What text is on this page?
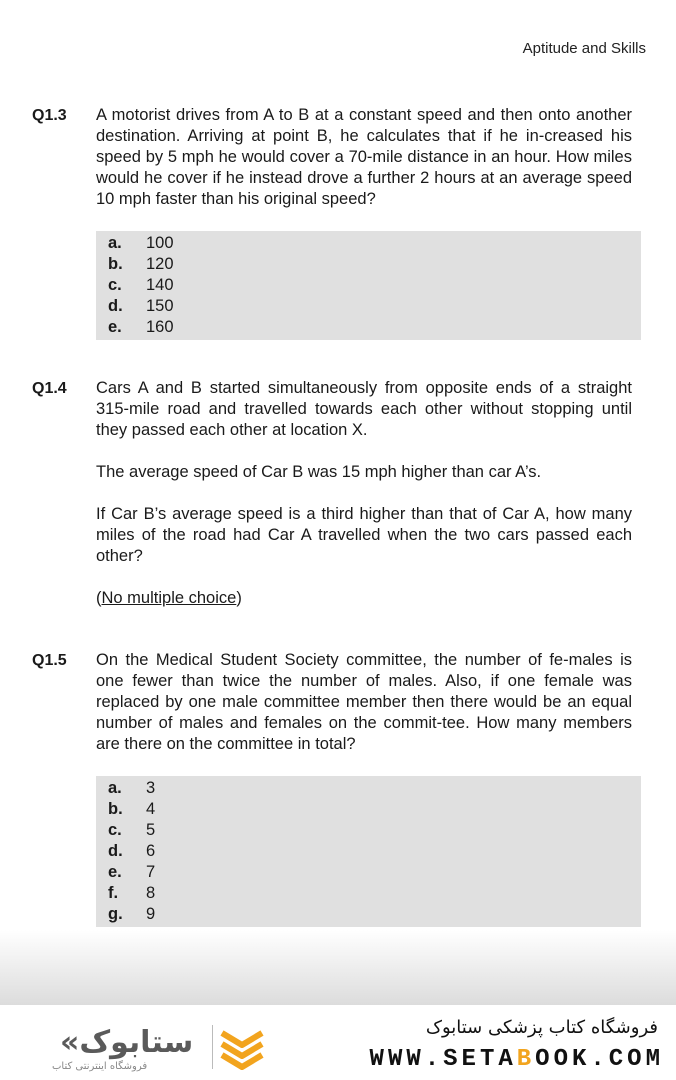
Aptitude and Skills
Q1.3 A motorist drives from A to B at a constant speed and then onto another destination. Arriving at point B, he calculates that if he in-creased his speed by 5 mph he would cover a 70-mile distance in an hour. How miles would he cover if he instead drove a further 2 hours at an average speed 10 mph faster than his original speed?

a.	100
b.	120
c.	140
d.	150
e.	160
Q1.4 Cars A and B started simultaneously from opposite ends of a straight 315-mile road and travelled towards each other without stopping until they passed each other at location X.

The average speed of Car B was 15 mph higher than car A’s.

If Car B’s average speed is a third higher than that of Car A, how many miles of the road had Car A travelled when the two cars passed each other?

(No multiple choice)

Q1.5 On the Medical Student Society committee, the number of fe-males is one fewer than twice the number of males. Also, if one female was replaced by one male committee member then there would be an equal number of males and females on the commit-tee. How many members are there on the committee in total?

a.	3
b.	4
c.	5
d.	6
e.	7
f.	8
g.	9
«ستابوک
فروشگاه اینترنتی کتاب
فروشگاه کتاب پزشکی ستابوک
WWW.SETABOOK.COM
